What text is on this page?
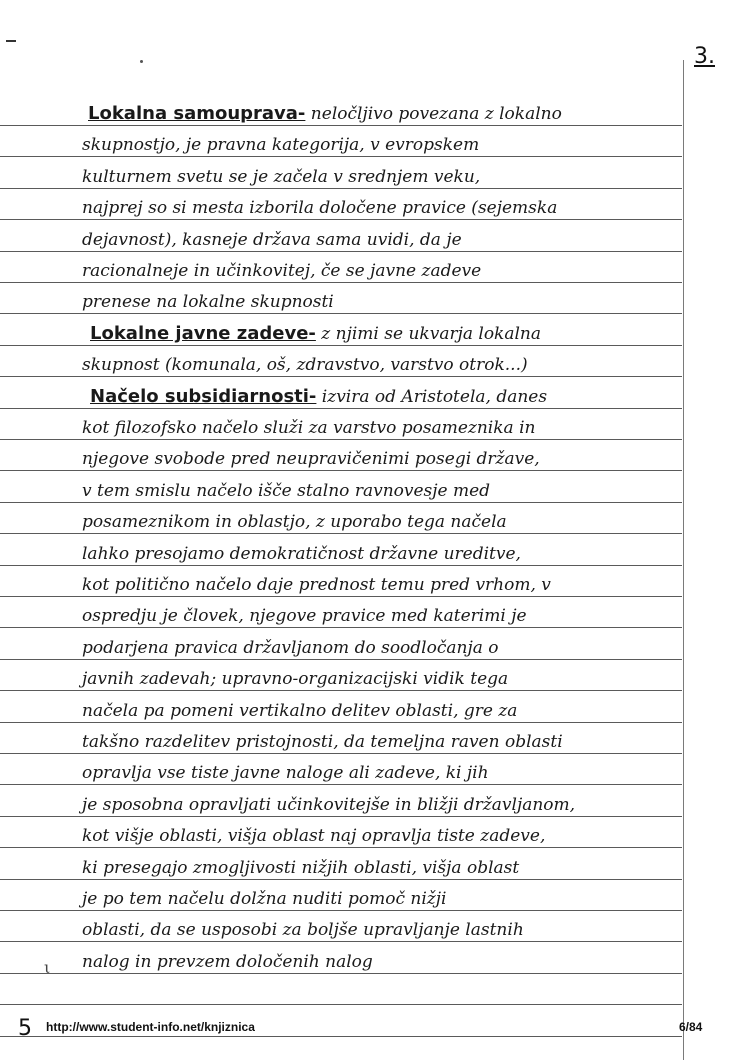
3.
Lokalna samouprava- neločljivo povezana z lokalno
skupnostjo, je pravna kategorija, v evropskem
kulturnem svetu se je začela v srednjem veku,
najprej so si mesta izborila določene pravice (sejemska
dejavnost), kasneje država sama uvidi, da je
racionalneje in učinkovitej, če se javne zadeve
prenese na lokalne skupnosti
Lokalne javne zadeve- z njimi se ukvarja lokalna
skupnost (komunala, oš, zdravstvo, varstvo otrok...)
Načelo subsidiarnosti- izvira od Aristotela, danes
kot filozofsko načelo služi za varstvo posameznika in
njegove svobode pred neupravičenimi posegi države,
v tem smislu načelo išče stalno ravnovesje med
posameznikom in oblastjo, z uporabo tega načela
lahko presojamo demokratičnost državne ureditve,
kot politično načelo daje prednost temu pred vrhom, v
ospredju je človek, njegove pravice med katerimi je
podarjena pravica državljanom do soodločanja o
javnih zadevah; upravno-organizacijski vidik tega
načela pa pomeni vertikalno delitev oblasti, gre za
takšno razdelitev pristojnosti, da temeljna raven oblasti
opravlja vse tiste javne naloge ali zadeve, ki jih
je sposobna opravljati učinkovitejše in bližji državljanom,
kot višje oblasti, višja oblast naj opravlja tiste zadeve,
ki presegajo zmogljivosti nižjih oblasti, višja oblast
je po tem načelu dolžna nuditi pomoč nižji
oblasti, da se usposobi za boljše upravljanje lastnih
nalog in prevzem določenih nalog
ι
5 http://www.student-info.net/knjiznica	6/84
